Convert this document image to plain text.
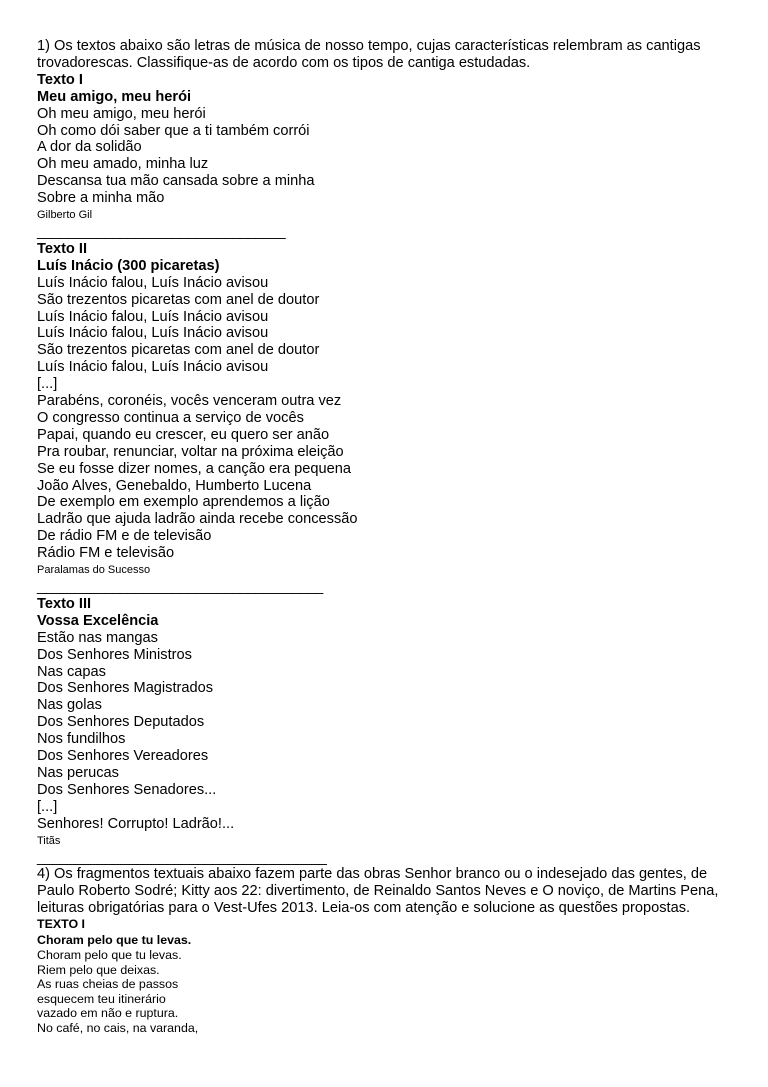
1) Os textos abaixo são letras de música de nosso tempo, cujas características relembram as cantigas
trovadorescas. Classifique-as de acordo com os tipos de cantiga estudadas.
Texto I
Meu amigo, meu herói
Oh meu amigo, meu herói
Oh como dói saber que a ti também corrói
A dor da solidão
Oh meu amado, minha luz
Descansa tua mão cansada sobre a minha
Sobre a minha mão
Gilberto Gil
_________________________________
Texto II
Luís Inácio (300 picaretas)
Luís Inácio falou, Luís Inácio avisou
São trezentos picaretas com anel de doutor
Luís Inácio falou, Luís Inácio avisou
Luís Inácio falou, Luís Inácio avisou
São trezentos picaretas com anel de doutor
Luís Inácio falou, Luís Inácio avisou
[...]
Parabéns, coronéis, vocês venceram outra vez
O congresso continua a serviço de vocês
Papai, quando eu crescer, eu quero ser anão
Pra roubar, renunciar, voltar na próxima eleição
Se eu fosse dizer nomes, a canção era pequena
João Alves, Genebaldo, Humberto Lucena
De exemplo em exemplo aprendemos a lição
Ladrão que ajuda ladrão ainda recebe concessão
De rádio FM e de televisão
Rádio FM e televisão
Paralamas do Sucesso
______________________________________
Texto III
Vossa Excelência
Estão nas mangas
Dos Senhores Ministros
Nas capas
Dos Senhores Magistrados
Nas golas
Dos Senhores Deputados
Nos fundilhos
Dos Senhores Vereadores
Nas perucas
Dos Senhores Senadores...
[...]
Senhores! Corrupto! Ladrão!...
Titãs
______________________________________
4) Os fragmentos textuais abaixo fazem parte das obras Senhor branco ou o indesejado das gentes, de
Paulo Roberto Sodré; Kitty aos 22: divertimento, de Reinaldo Santos Neves e O noviço, de Martins Pena,
leituras obrigatórias para o Vest-Ufes 2013. Leia-os com atenção e solucione as questões propostas.
TEXTO I
Choram pelo que tu levas.
Choram pelo que tu levas.
Riem pelo que deixas.
As ruas cheias de passos
esquecem teu itinerário
vazado em não e ruptura.
No café, no cais, na varanda,
